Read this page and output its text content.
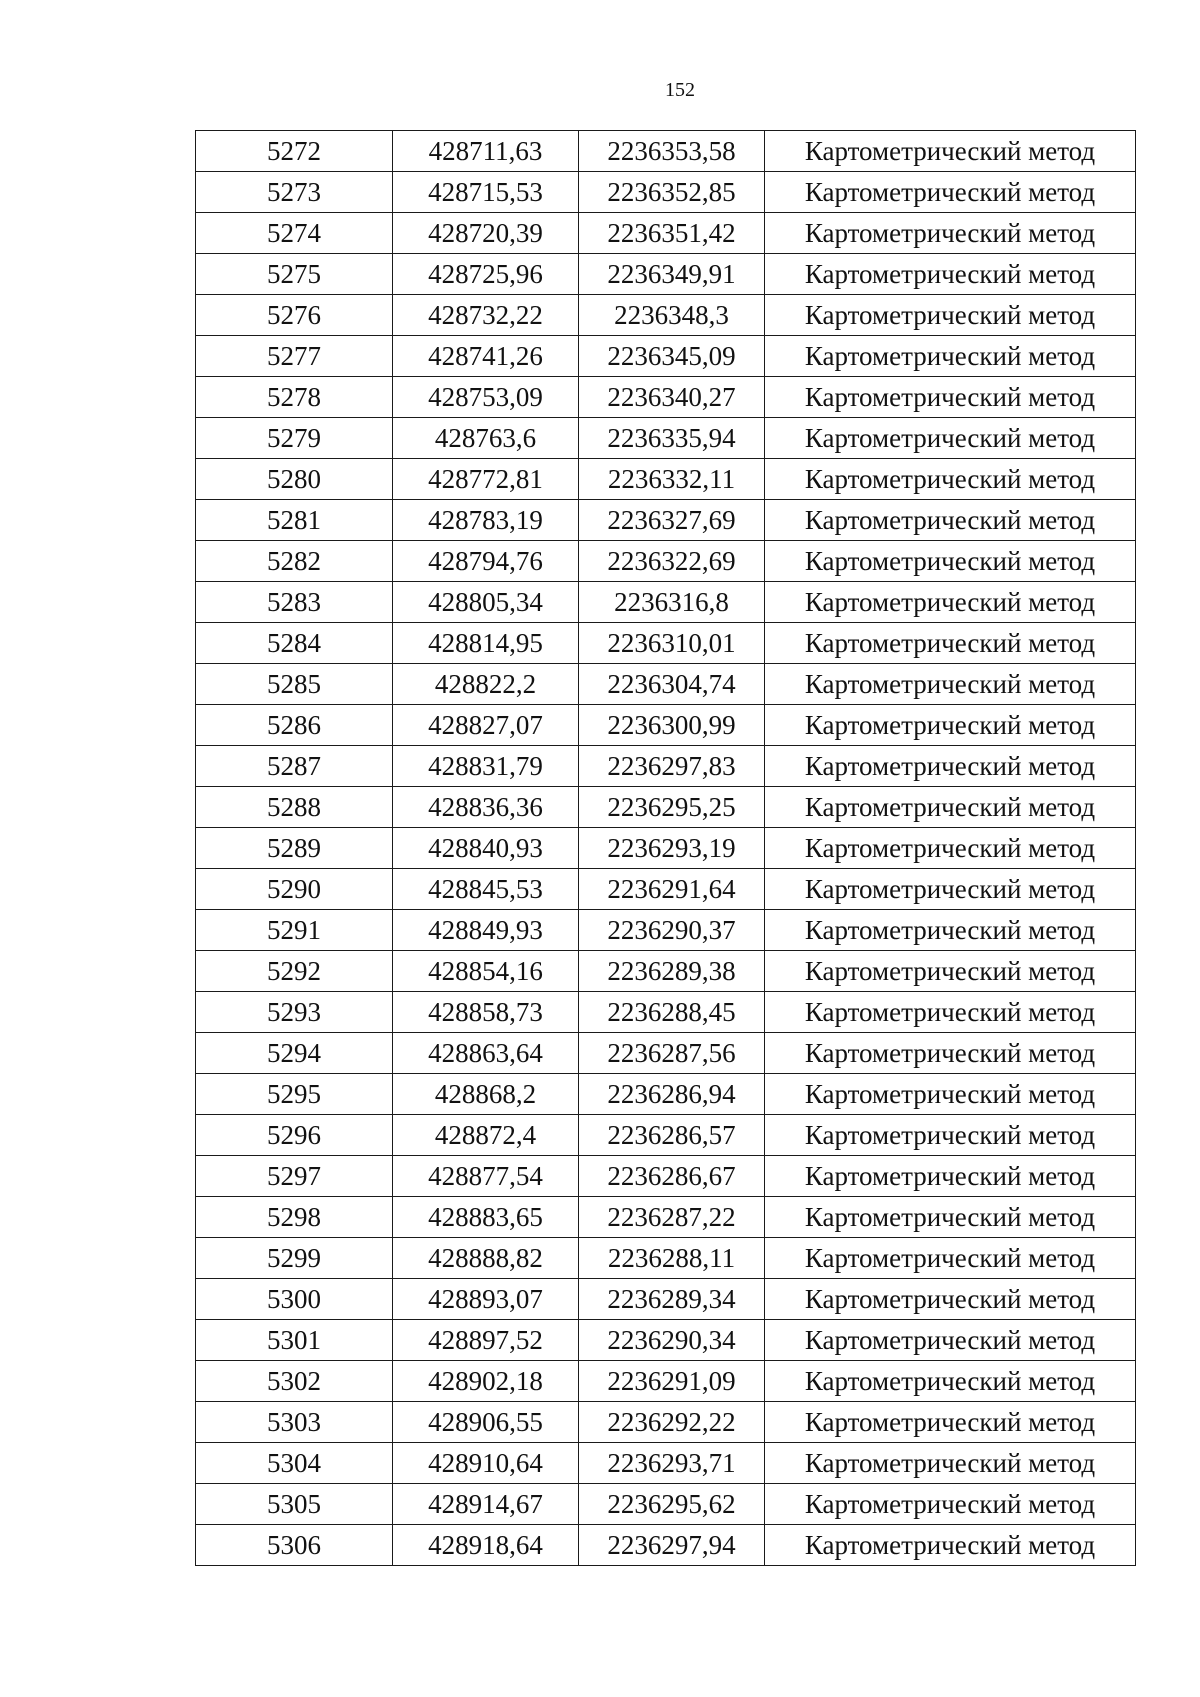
152
5272	428711,63	2236353,58	Картометрический метод
5273	428715,53	2236352,85	Картометрический метод
5274	428720,39	2236351,42	Картометрический метод
5275	428725,96	2236349,91	Картометрический метод
5276	428732,22	2236348,3	Картометрический метод
5277	428741,26	2236345,09	Картометрический метод
5278	428753,09	2236340,27	Картометрический метод
5279	428763,6	2236335,94	Картометрический метод
5280	428772,81	2236332,11	Картометрический метод
5281	428783,19	2236327,69	Картометрический метод
5282	428794,76	2236322,69	Картометрический метод
5283	428805,34	2236316,8	Картометрический метод
5284	428814,95	2236310,01	Картометрический метод
5285	428822,2	2236304,74	Картометрический метод
5286	428827,07	2236300,99	Картометрический метод
5287	428831,79	2236297,83	Картометрический метод
5288	428836,36	2236295,25	Картометрический метод
5289	428840,93	2236293,19	Картометрический метод
5290	428845,53	2236291,64	Картометрический метод
5291	428849,93	2236290,37	Картометрический метод
5292	428854,16	2236289,38	Картометрический метод
5293	428858,73	2236288,45	Картометрический метод
5294	428863,64	2236287,56	Картометрический метод
5295	428868,2	2236286,94	Картометрический метод
5296	428872,4	2236286,57	Картометрический метод
5297	428877,54	2236286,67	Картометрический метод
5298	428883,65	2236287,22	Картометрический метод
5299	428888,82	2236288,11	Картометрический метод
5300	428893,07	2236289,34	Картометрический метод
5301	428897,52	2236290,34	Картометрический метод
5302	428902,18	2236291,09	Картометрический метод
5303	428906,55	2236292,22	Картометрический метод
5304	428910,64	2236293,71	Картометрический метод
5305	428914,67	2236295,62	Картометрический метод
5306	428918,64	2236297,94	Картометрический метод
